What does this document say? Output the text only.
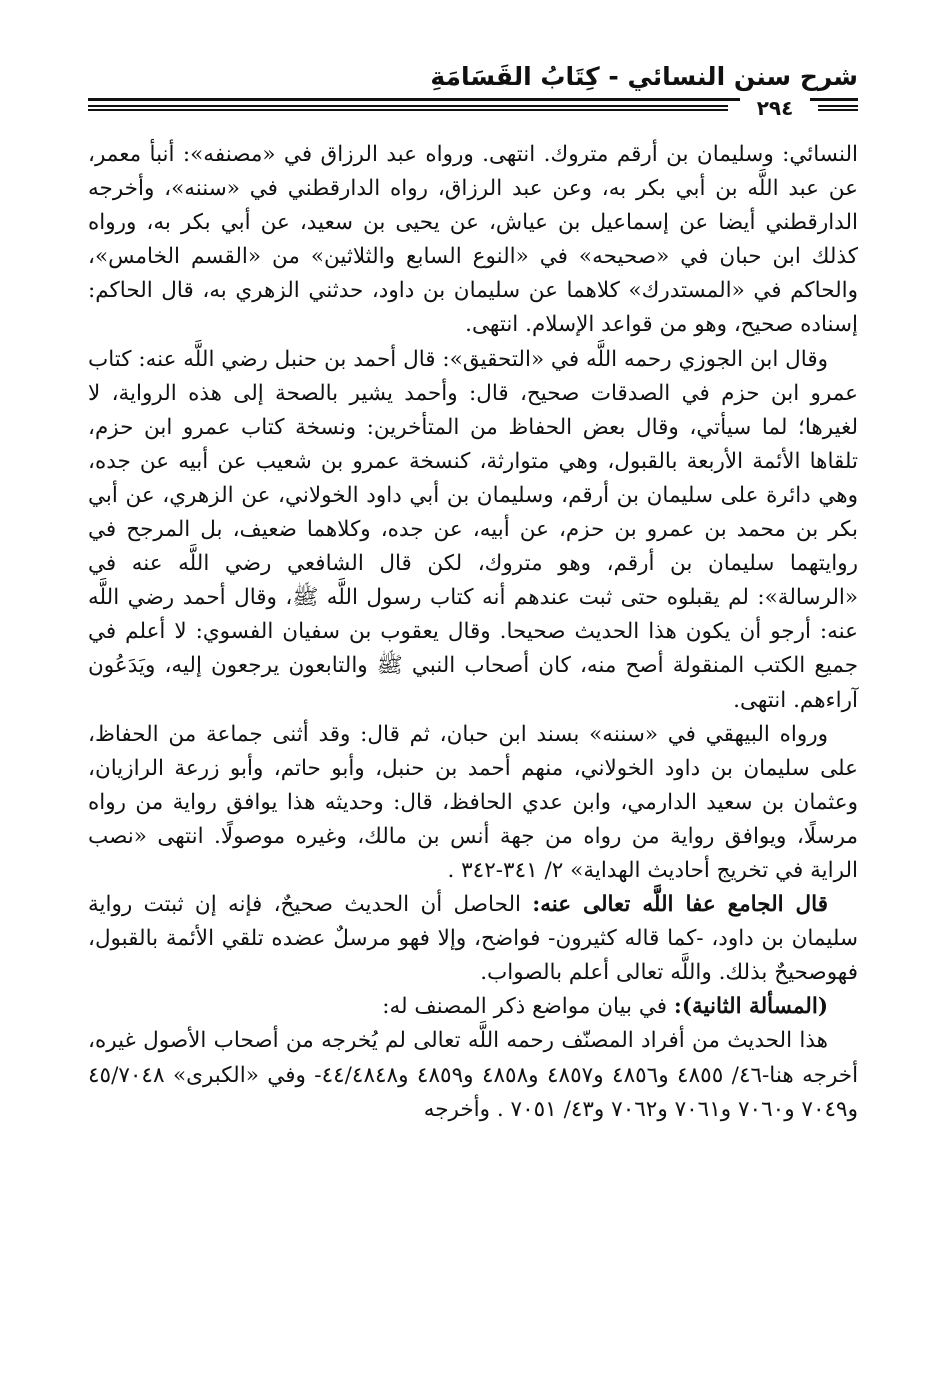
شرح سنن النسائي - كِتَابُ القَسَامَةِ
٢٩٤

النسائي: وسليمان بن أرقم متروك. انتهى. ورواه عبد الرزاق في «مصنفه»: أنبأ معمر، عن عبد اللَّه بن أبي بكر به، وعن عبد الرزاق، رواه الدارقطني في «سننه»، وأخرجه الدارقطني أيضا عن إسماعيل بن عياش، عن يحيى بن سعيد، عن أبي بكر به، ورواه كذلك ابن حبان في «صحيحه» في «النوع السابع والثلاثين» من «القسم الخامس»، والحاكم في «المستدرك» كلاهما عن سليمان بن داود، حدثني الزهري به، قال الحاكم: إسناده صحيح، وهو من قواعد الإسلام. انتهى.

وقال ابن الجوزي رحمه اللَّه في «التحقيق»: قال أحمد بن حنبل رضي اللَّه عنه: كتاب عمرو ابن حزم في الصدقات صحيح، قال: وأحمد يشير بالصحة إلى هذه الرواية، لا لغيرها؛ لما سيأتي، وقال بعض الحفاظ من المتأخرين: ونسخة كتاب عمرو ابن حزم، تلقاها الأئمة الأربعة بالقبول، وهي متوارثة، كنسخة عمرو بن شعيب عن أبيه عن جده، وهي دائرة على سليمان بن أرقم، وسليمان بن أبي داود الخولاني، عن الزهري، عن أبي بكر بن محمد بن عمرو بن حزم، عن أبيه، عن جده، وكلاهما ضعيف، بل المرجح في روايتهما سليمان بن أرقم، وهو متروك، لكن قال الشافعي رضي اللَّه عنه في «الرسالة»: لم يقبلوه حتى ثبت عندهم أنه كتاب رسول اللَّه ﷺ، وقال أحمد رضي اللَّه عنه: أرجو أن يكون هذا الحديث صحيحا. وقال يعقوب بن سفيان الفسوي: لا أعلم في جميع الكتب المنقولة أصح منه، كان أصحاب النبي ﷺ والتابعون يرجعون إليه، ويَدَعُون آراءهم. انتهى.

ورواه البيهقي في «سننه» بسند ابن حبان، ثم قال: وقد أثنى جماعة من الحفاظ، على سليمان بن داود الخولاني، منهم أحمد بن حنبل، وأبو حاتم، وأبو زرعة الرازيان، وعثمان بن سعيد الدارمي، وابن عدي الحافظ، قال: وحديثه هذا يوافق رواية من رواه مرسلًا، ويوافق رواية من رواه من جهة أنس بن مالك، وغيره موصولًا. انتهى «نصب الراية في تخريج أحاديث الهداية» ٢/ ٣٤١-٣٤٢ .

قال الجامع عفا اللَّه تعالى عنه: الحاصل أن الحديث صحيحٌ، فإنه إن ثبتت رواية سليمان بن داود، -كما قاله كثيرون- فواضح، وإلا فهو مرسلٌ عضده تلقي الأئمة بالقبول، فهوصحيحٌ بذلك. واللَّه تعالى أعلم بالصواب.

(المسألة الثانية): في بيان مواضع ذكر المصنف له:

هذا الحديث من أفراد المصنّف رحمه اللَّه تعالى لم يُخرجه من أصحاب الأصول غيره، أخرجه هنا-٤٦/ ٤٨٥٥ و٤٨٥٦ و٤٨٥٧ و٤٨٥٨ و٤٨٥٩ و٤٤/٤٨٤٨- وفي «الكبرى» ٤٥/٧٠٤٨ و٧٠٤٩ و٧٠٦٠ و٧٠٦١ و٧٠٦٢ و٤٣/ ٧٠٥١ . وأخرجه
